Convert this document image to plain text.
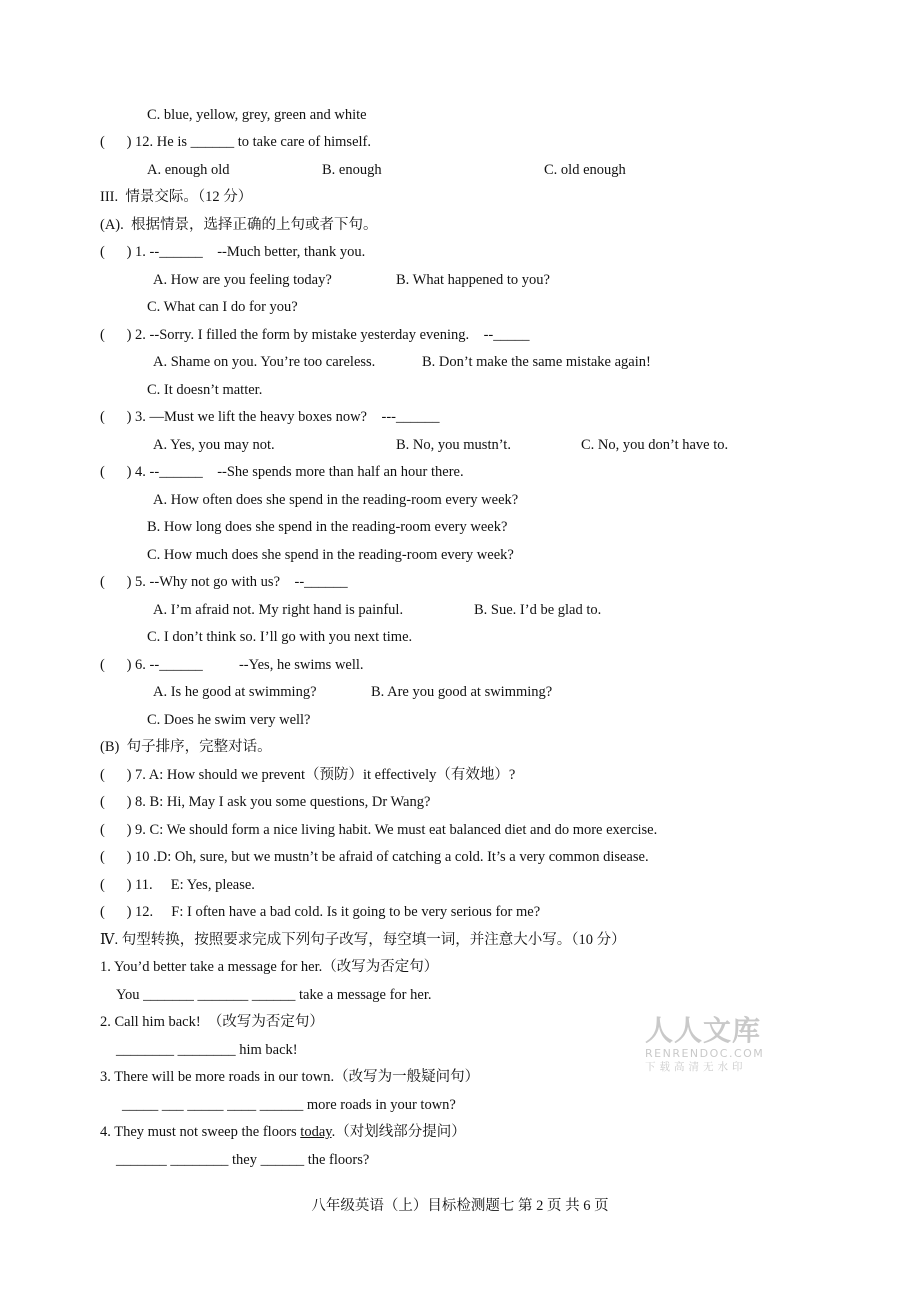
C. blue, yellow, grey, green and white
(      ) 12. He is ______ to take care of himself.
A. enough old	B. enough	C. old enough
III.  情景交际。（12 分）
(A).  根据情景，选择正确的上句或者下句。
(      ) 1. --______    --Much better, thank you.
A. How are you feeling today?	B. What happened to you?
C. What can I do for you?
(      ) 2. --Sorry. I filled the form by mistake yesterday evening.    --_____
A. Shame on you. You’re too careless.	B. Don’t make the same mistake again!
C. It doesn’t matter.
(      ) 3. —Must we lift the heavy boxes now?    ---______
A. Yes, you may not.	B. No, you mustn’t.	C. No, you don’t have to.
(      ) 4. --______    --She spends more than half an hour there.
A. How often does she spend in the reading-room every week?
B. How long does she spend in the reading-room every week?
C. How much does she spend in the reading-room every week?
(      ) 5. --Why not go with us?    --______
A. I’m afraid not. My right hand is painful.	B. Sue. I’d be glad to.
C. I don’t think so. I’ll go with you next time.
(      ) 6. --______          --Yes, he swims well.
A. Is he good at swimming?	B. Are you good at swimming?
C. Does he swim very well?
(B)  句子排序，完整对话。
(      ) 7. A: How should we prevent（预防）it effectively（有效地）?
(      ) 8. B: Hi, May I ask you some questions, Dr Wang?
(      ) 9. C: We should form a nice living habit. We must eat balanced diet and do more exercise.
(      ) 10 .D: Oh, sure, but we mustn’t be afraid of catching a cold. It’s a very common disease.
(      ) 11.     E: Yes, please.
(      ) 12.     F: I often have a bad cold. Is it going to be very serious for me?
Ⅳ. 句型转换，按照要求完成下列句子改写，每空填一词，并注意大小写。（10 分）
1. You’d better take a message for her.（改写为否定句）
You _______ _______ ______ take a message for her.
2. Call him back!  （改写为否定句）
________ ________ him back!
3. There will be more roads in our town.（改写为一般疑问句）
_____ ___ _____ ____ ______ more roads in your town?
4. They must not sweep the floors today.（对划线部分提问）
_______ ________ they ______ the floors?
人人文库
RENRENDOC.COM
下载高清无水印
八年级英语（上）目标检测题七 第 2 页 共 6 页
